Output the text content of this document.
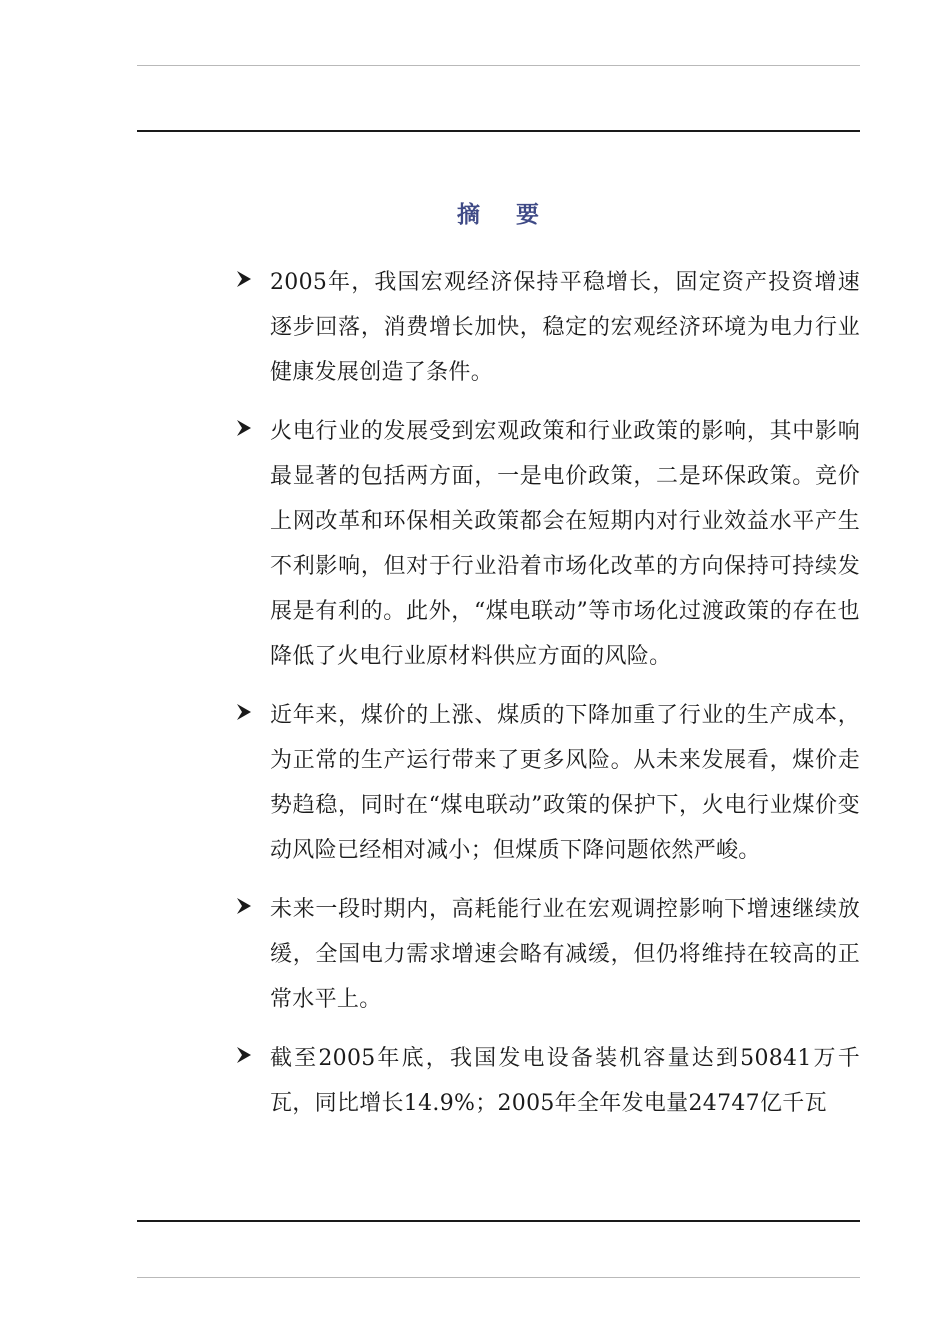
摘 要
2005年，我国宏观经济保持平稳增长，固定资产投资增速逐步回落，消费增长加快，稳定的宏观经济环境为电力行业健康发展创造了条件。
火电行业的发展受到宏观政策和行业政策的影响，其中影响最显著的包括两方面，一是电价政策，二是环保政策。竞价上网改革和环保相关政策都会在短期内对行业效益水平产生不利影响，但对于行业沿着市场化改革的方向保持可持续发展是有利的。此外，“煤电联动”等市场化过渡政策的存在也降低了火电行业原材料供应方面的风险。
近年来，煤价的上涨、煤质的下降加重了行业的生产成本，为正常的生产运行带来了更多风险。从未来发展看，煤价走势趋稳，同时在“煤电联动”政策的保护下，火电行业煤价变动风险已经相对减小；但煤质下降问题依然严峻。
未来一段时期内，高耗能行业在宏观调控影响下增速继续放缓，全国电力需求增速会略有减缓，但仍将维持在较高的正常水平上。
截至2005年底，我国发电设备装机容量达到50841万千瓦，同比增长14.9%；2005年全年发电量24747亿千瓦
